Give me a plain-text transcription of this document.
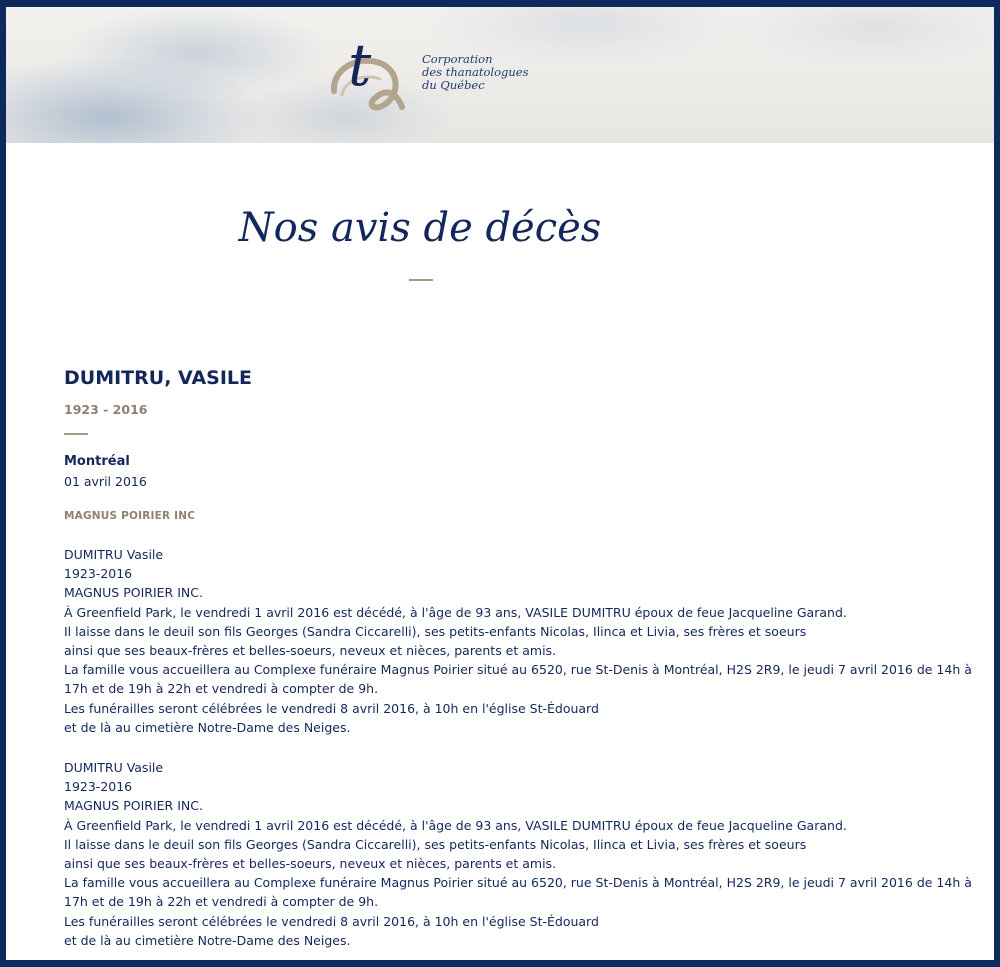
t	Corporation
des thanatologues
du Québec
Nos avis de décès
DUMITRU, VASILE
1923 - 2016
Montréal
01 avril 2016
MAGNUS POIRIER INC
DUMITRU Vasile
1923-2016
MAGNUS POIRIER INC.
À Greenfield Park, le vendredi 1 avril 2016 est décédé, à l'âge de 93 ans, VASILE DUMITRU époux de feue Jacqueline Garand.
Il laisse dans le deuil son fils Georges (Sandra Ciccarelli), ses petits-enfants Nicolas, Ilinca et Livia, ses frères et soeurs
ainsi que ses beaux-frères et belles-soeurs, neveux et nièces, parents et amis.
La famille vous accueillera au Complexe funéraire Magnus Poirier situé au 6520, rue St-Denis à Montréal, H2S 2R9, le jeudi 7 avril 2016 de 14h à
17h et de 19h à 22h et vendredi à compter de 9h.
Les funérailles seront célébrées le vendredi 8 avril 2016, à 10h en l'église St-Édouard
et de là au cimetière Notre-Dame des Neiges.
DUMITRU Vasile
1923-2016
MAGNUS POIRIER INC.
À Greenfield Park, le vendredi 1 avril 2016 est décédé, à l'âge de 93 ans, VASILE DUMITRU époux de feue Jacqueline Garand.
Il laisse dans le deuil son fils Georges (Sandra Ciccarelli), ses petits-enfants Nicolas, Ilinca et Livia, ses frères et soeurs
ainsi que ses beaux-frères et belles-soeurs, neveux et nièces, parents et amis.
La famille vous accueillera au Complexe funéraire Magnus Poirier situé au 6520, rue St-Denis à Montréal, H2S 2R9, le jeudi 7 avril 2016 de 14h à
17h et de 19h à 22h et vendredi à compter de 9h.
Les funérailles seront célébrées le vendredi 8 avril 2016, à 10h en l'église St-Édouard
et de là au cimetière Notre-Dame des Neiges.
